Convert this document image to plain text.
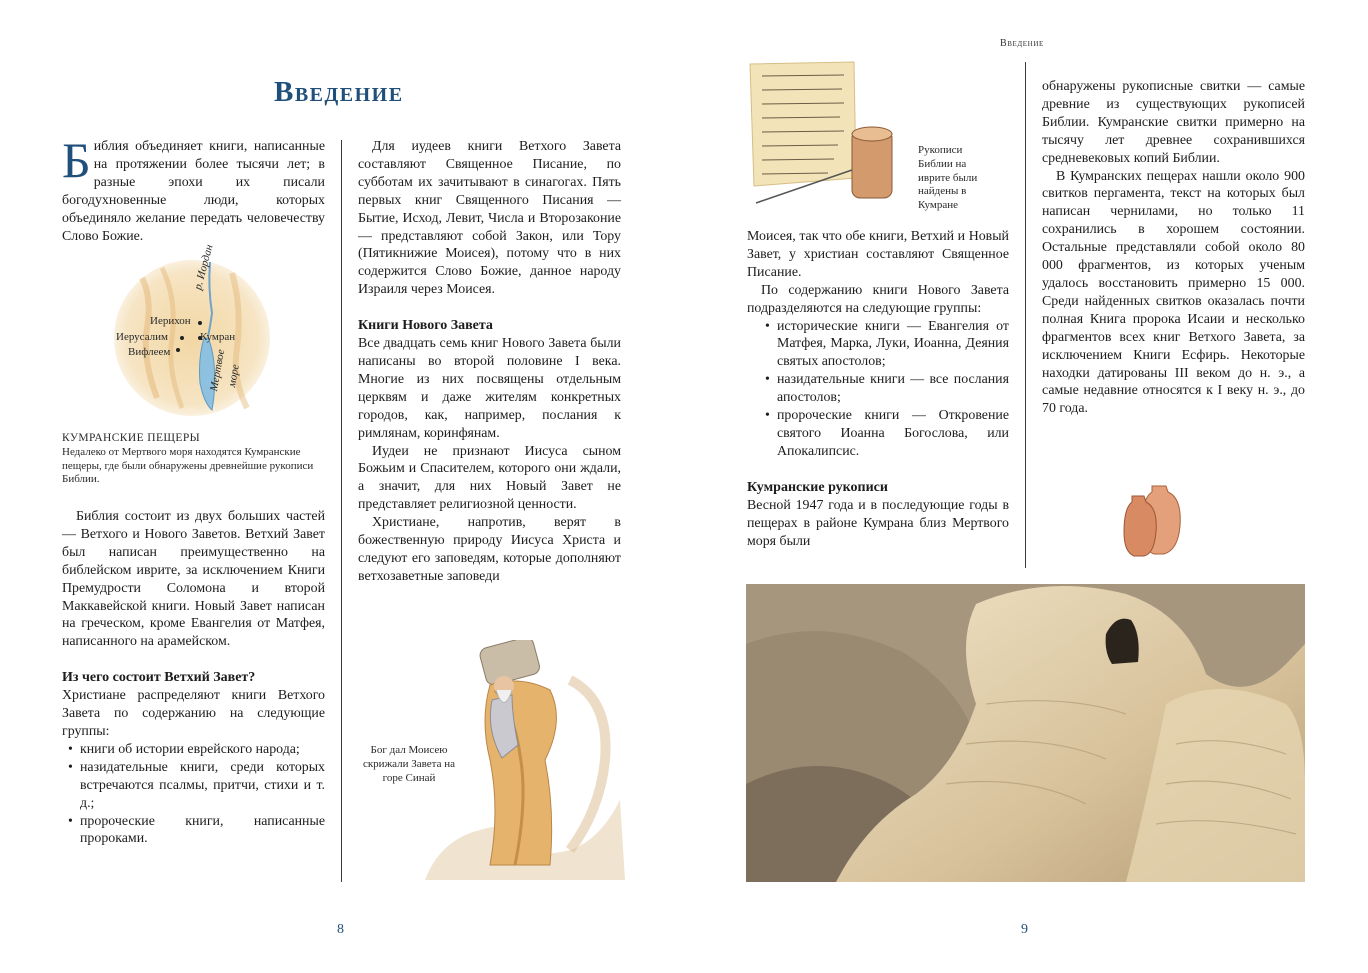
Введение

Библия объединяет книги, написанные на протяжении более тысячи лет; в разные эпохи их писали богодухновенные люди, которых объединяло желание передать человечеству Слово Божие.

Иерихон
Иерусалим
Вифлеем
Кумран
р. Иордан
Мертвое
море
КУМРАНСКИЕ ПЕЩЕРЫ
Недалеко от Мертвого моря находятся Кумранские пещеры, где были обнаружены древнейшие рукописи Библии.

Библия состоит из двух больших частей — Ветхого и Нового Заветов. Ветхий Завет был написан преимущественно на библейском иврите, за исключением Книги Премудрости Соломона и второй Маккавейской книги. Новый Завет написан на греческом, кроме Евангелия от Матфея, написанного на арамейском.

Из чего состоит Ветхий Завет?

Христиане распределяют книги Ветхого Завета по содержанию на следующие группы:

• книги об истории еврейского народа;
• назидательные книги, среди которых встречаются псалмы, притчи, стихи и т. д.;
• пророческие книги, написанные пророками.

Для иудеев книги Ветхого Завета составляют Священное Писание, по субботам их зачитывают в синагогах. Пять первых книг Священного Писания — Бытие, Исход, Левит, Числа и Второзаконие — представляют собой Закон, или Тору (Пятикнижие Моисея), потому что в них содержится Слово Божие, данное народу Израиля через Моисея.

Книги Нового Завета

Все двадцать семь книг Нового Завета были написаны во второй половине I века. Многие из них посвящены отдельным церквям и даже жителям конкретных городов, как, например, послания к римлянам, коринфянам.

Иудеи не признают Иисуса сыном Божьим и Спасителем, которого они ждали, а значит, для них Новый Завет не представляет религиозной ценности.

Христиане, напротив, верят в божественную природу Иисуса Христа и следуют его заповедям, которые дополняют ветхозаветные заповеди

Бог дал Моисею скрижали Завета на горе Синай
8
Введение
Рукописи Библии на иврите были найдены в Кумране

Моисея, так что обе книги, Ветхий и Новый Завет, у христиан составляют Священное Писание.

По содержанию книги Нового Завета подразделяются на следующие группы:

• исторические книги — Евангелия от Матфея, Марка, Луки, Иоанна, Деяния святых апостолов;
• назидательные книги — все послания апостолов;
• пророческие книги — Откровение святого Иоанна Богослова, или Апокалипсис.

Кумранские рукописи

Весной 1947 года и в последующие годы в пещерах в районе Кумрана близ Мертвого моря были

обнаружены рукописные свитки — самые древние из существующих рукописей Библии. Кумранские свитки примерно на тысячу лет древнее сохранившихся средневековых копий Библии.

В Кумранских пещерах нашли около 900 свитков пергамента, текст на которых был написан чернилами, но только 11 сохранились в хорошем состоянии. Остальные представляли собой около 80 000 фрагментов, из которых ученым удалось восстановить примерно 15 000. Среди найденных свитков оказалась почти полная Книга пророка Исаии и несколько фрагментов всех книг Ветхого Завета, за исключением Книги Есфирь. Некоторые находки датированы III веком до н. э., а самые недавние относятся к I веку н. э., до 70 года.

9
